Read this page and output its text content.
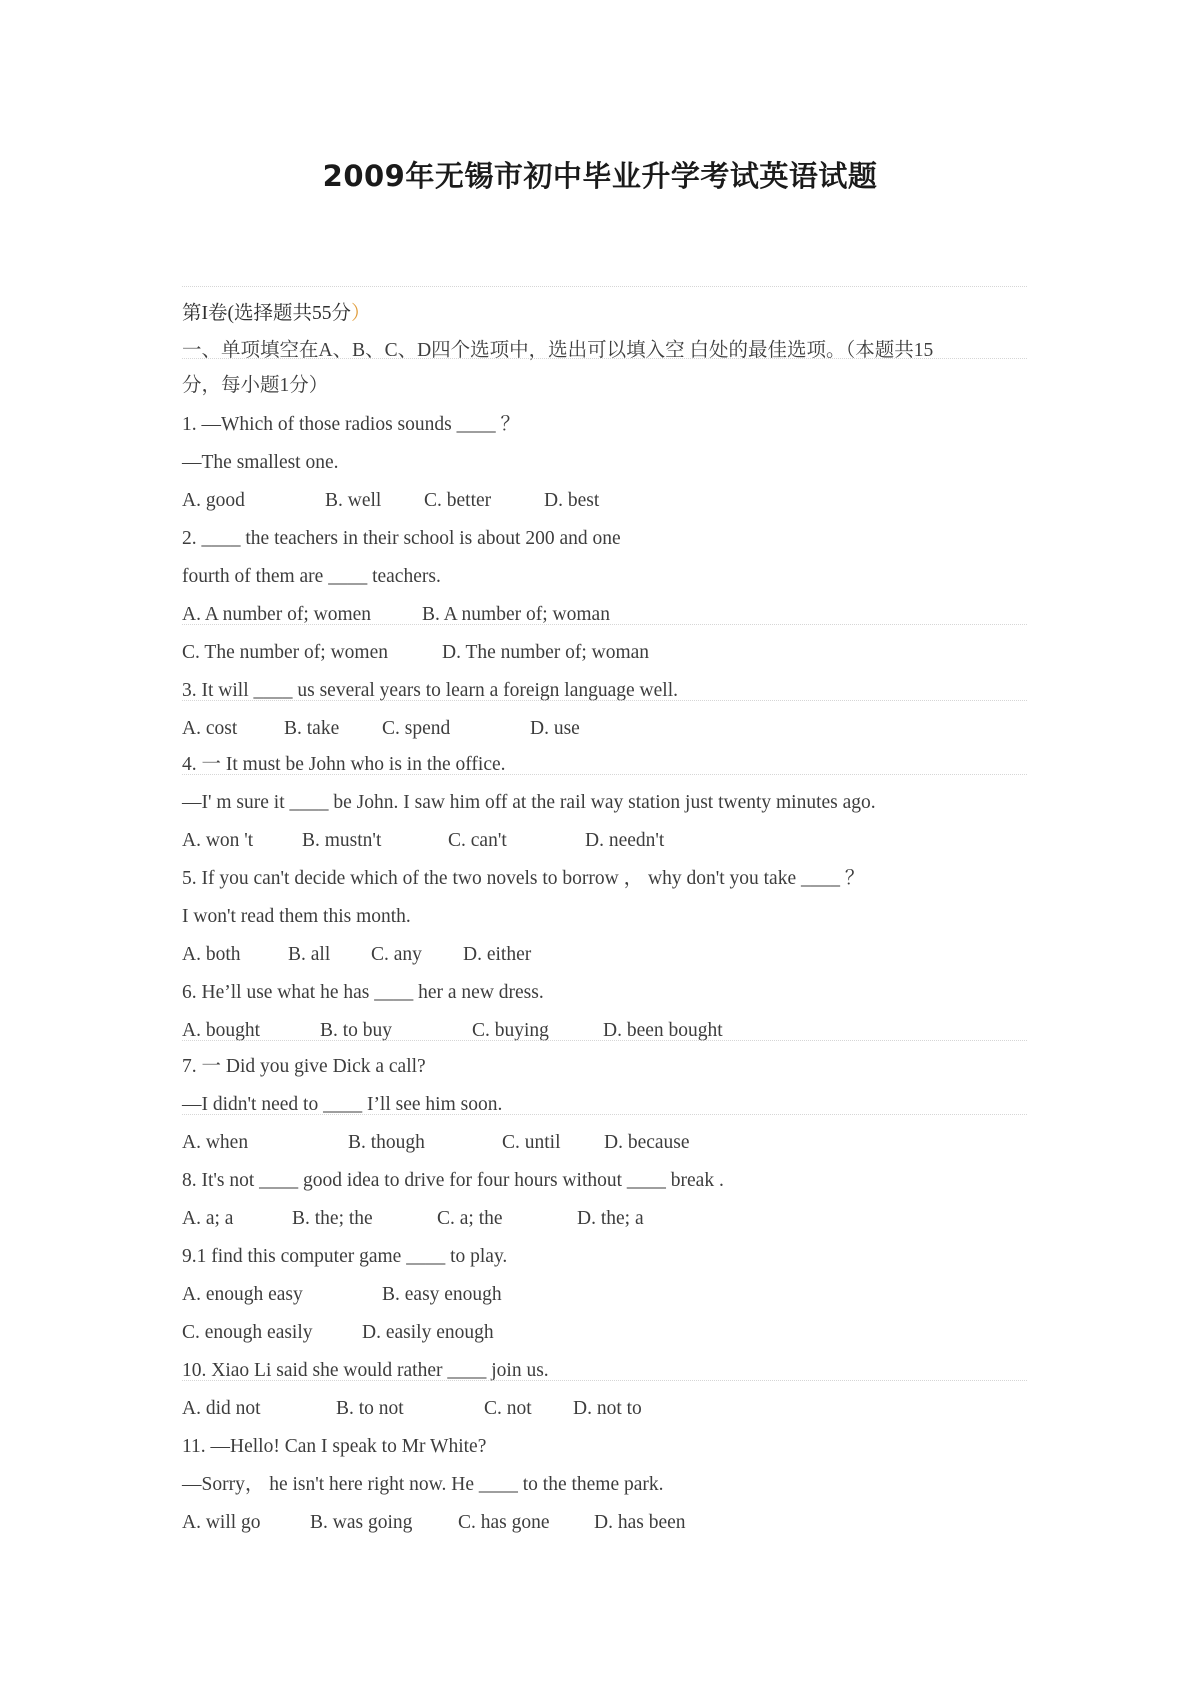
2009年无锡市初中毕业升学考试英语试题
第I卷(选择题共55分）
一、单项填空在A、B、C、D四个选项中，选出可以填入空 白处的最佳选项。（本题共15
分，每小题1分）
1. —Which of those radios sounds ____ ？
—The smallest one.

A. good

	B. well

C. better

	D. best

2. ____ the teachers in their school is about 200 and one
fourth of them are ____ teachers.

A. A number of; women

	B. A number of; woman

C. The number of; women

	D. The number of; woman

3. It will ____ us several years to learn a foreign language well.

A. cost

B. take

C. spend

	D. use

4. 一 It must be John who is in the office.
—I' m sure it ____ be John. I saw him off at the rail way station just twenty minutes ago.

A. won 't

	B. mustn't

	C. can't

	D. needn't

5. If you can't decide which of the two novels to borrow ， why don't you take ____ ？
I won't read them this month.

A. both

B. all

C. any

D. either

6. He’ll use what he has ____ her a new dress.

A. bought

	B. to buy

	C. buying

	D. been bought

7. 一 Did you give Dick a call?
—I didn't need to ____ I’ll see him soon.

A. when

	B. though

	C. until

D. because

8. It's not ____ good idea to drive for four hours without ____ break .

A. a; a

	B. the; the

	C. a; the

	D. the; a

9.1 find this computer game ____ to play.

A. enough easy

	B. easy enough

C. enough easily

	D. easily enough

10. Xiao Li said she would rather ____ join us.

A. did not

	B. to not

	C. not

D. not to

11. —Hello! Can I speak to Mr White?
—Sorry， he isn't here right now. He ____ to the theme park.

A. will go

	B. was going

C. has gone

D. has been
